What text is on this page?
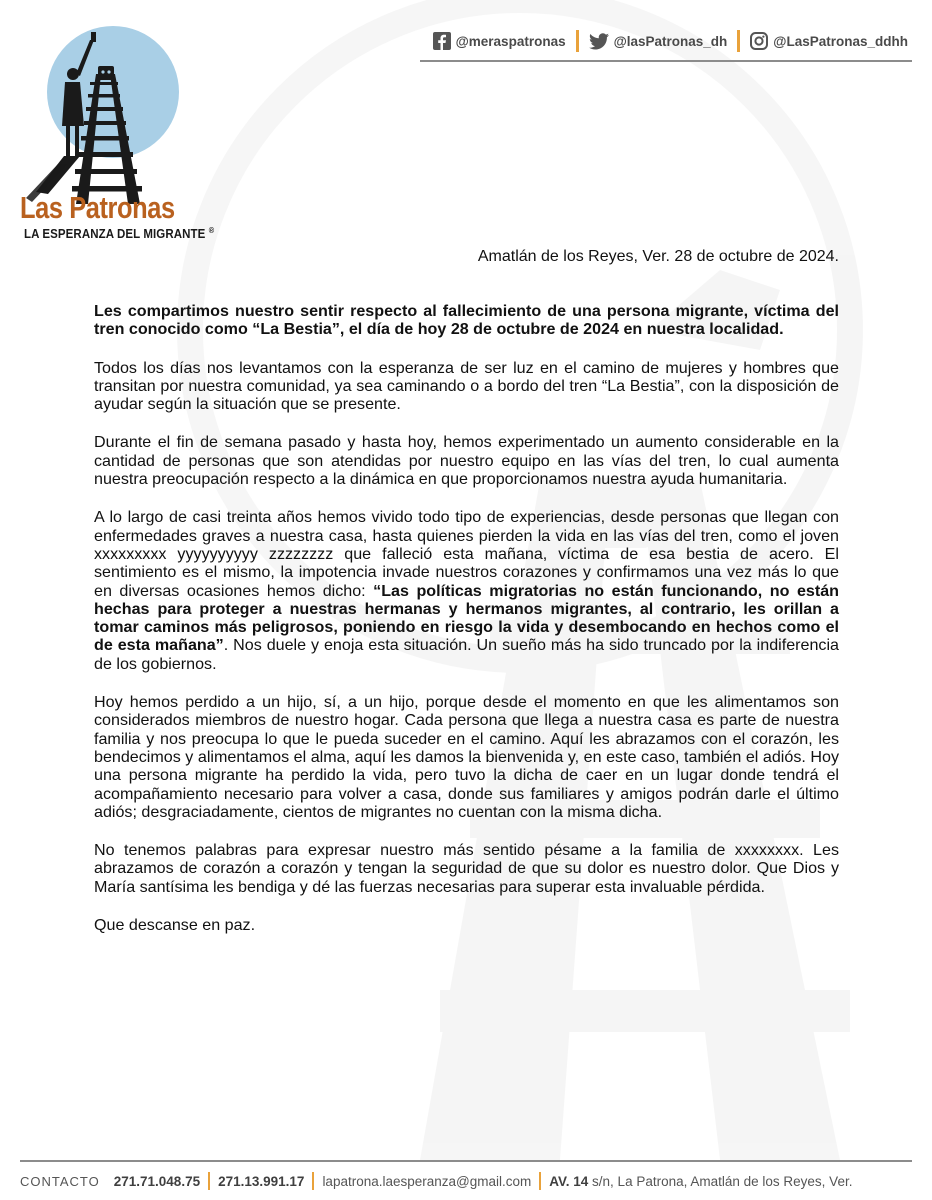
Las Patronas
LA ESPERANZA DEL MIGRANTE ®
@meraspatronas	@lasPatronas_dh	@LasPatronas_ddhh
Amatlán de los Reyes, Ver. 28 de octubre de 2024.

Les compartimos nuestro sentir respecto al fallecimiento de una persona migrante, víctima del tren conocido como “La Bestia”, el día de hoy 28 de octubre de 2024 en nuestra localidad.

Todos los días nos levantamos con la esperanza de ser luz en el camino de mujeres y hombres que transitan por nuestra comunidad, ya sea caminando o a bordo del tren “La Bestia”, con la disposición de ayudar según la situación que se presente.

Durante el fin de semana pasado y hasta hoy, hemos experimentado un aumento considerable en la cantidad de personas que son atendidas por nuestro equipo en las vías del tren, lo cual aumenta nuestra preocupación respecto a la dinámica en que proporcionamos nuestra ayuda humanitaria.

A lo largo de casi treinta años hemos vivido todo tipo de experiencias, desde personas que llegan con enfermedades graves a nuestra casa, hasta quienes pierden la vida en las vías del tren, como el joven xxxxxxxxx yyyyyyyyyy zzzzzzzz que falleció esta mañana, víctima de esa bestia de acero. El sentimiento es el mismo, la impotencia invade nuestros corazones y confirmamos una vez más lo que en diversas ocasiones hemos dicho: “Las políticas migratorias no están funcionando, no están hechas para proteger a nuestras hermanas y hermanos migrantes, al contrario, les orillan a tomar caminos más peligrosos, poniendo en riesgo la vida y desembocando en hechos como el de esta mañana”. Nos duele y enoja esta situación. Un sueño más ha sido truncado por la indiferencia de los gobiernos.

Hoy hemos perdido a un hijo, sí, a un hijo, porque desde el momento en que les alimentamos son considerados miembros de nuestro hogar. Cada persona que llega a nuestra casa es parte de nuestra familia y nos preocupa lo que le pueda suceder en el camino. Aquí les abrazamos con el corazón, les bendecimos y alimentamos el alma, aquí les damos la bienvenida y, en este caso, también el adiós. Hoy una persona migrante ha perdido la vida, pero tuvo la dicha de caer en un lugar donde tendrá el acompañamiento necesario para volver a casa, donde sus familiares y amigos podrán darle el último adiós; desgraciadamente, cientos de migrantes no cuentan con la misma dicha.

No tenemos palabras para expresar nuestro más sentido pésame a la familia de xxxxxxxx. Les abrazamos de corazón a corazón y tengan la seguridad de que su dolor es nuestro dolor. Que Dios y María santísima les bendiga y dé las fuerzas necesarias para superar esta invaluable pérdida.

Que descanse en paz.

CONTACTO 271.71.048.75 271.13.991.17 lapatrona.laesperanza@gmail.com AV. 14 s/n, La Patrona, Amatlán de los Reyes, Ver.
